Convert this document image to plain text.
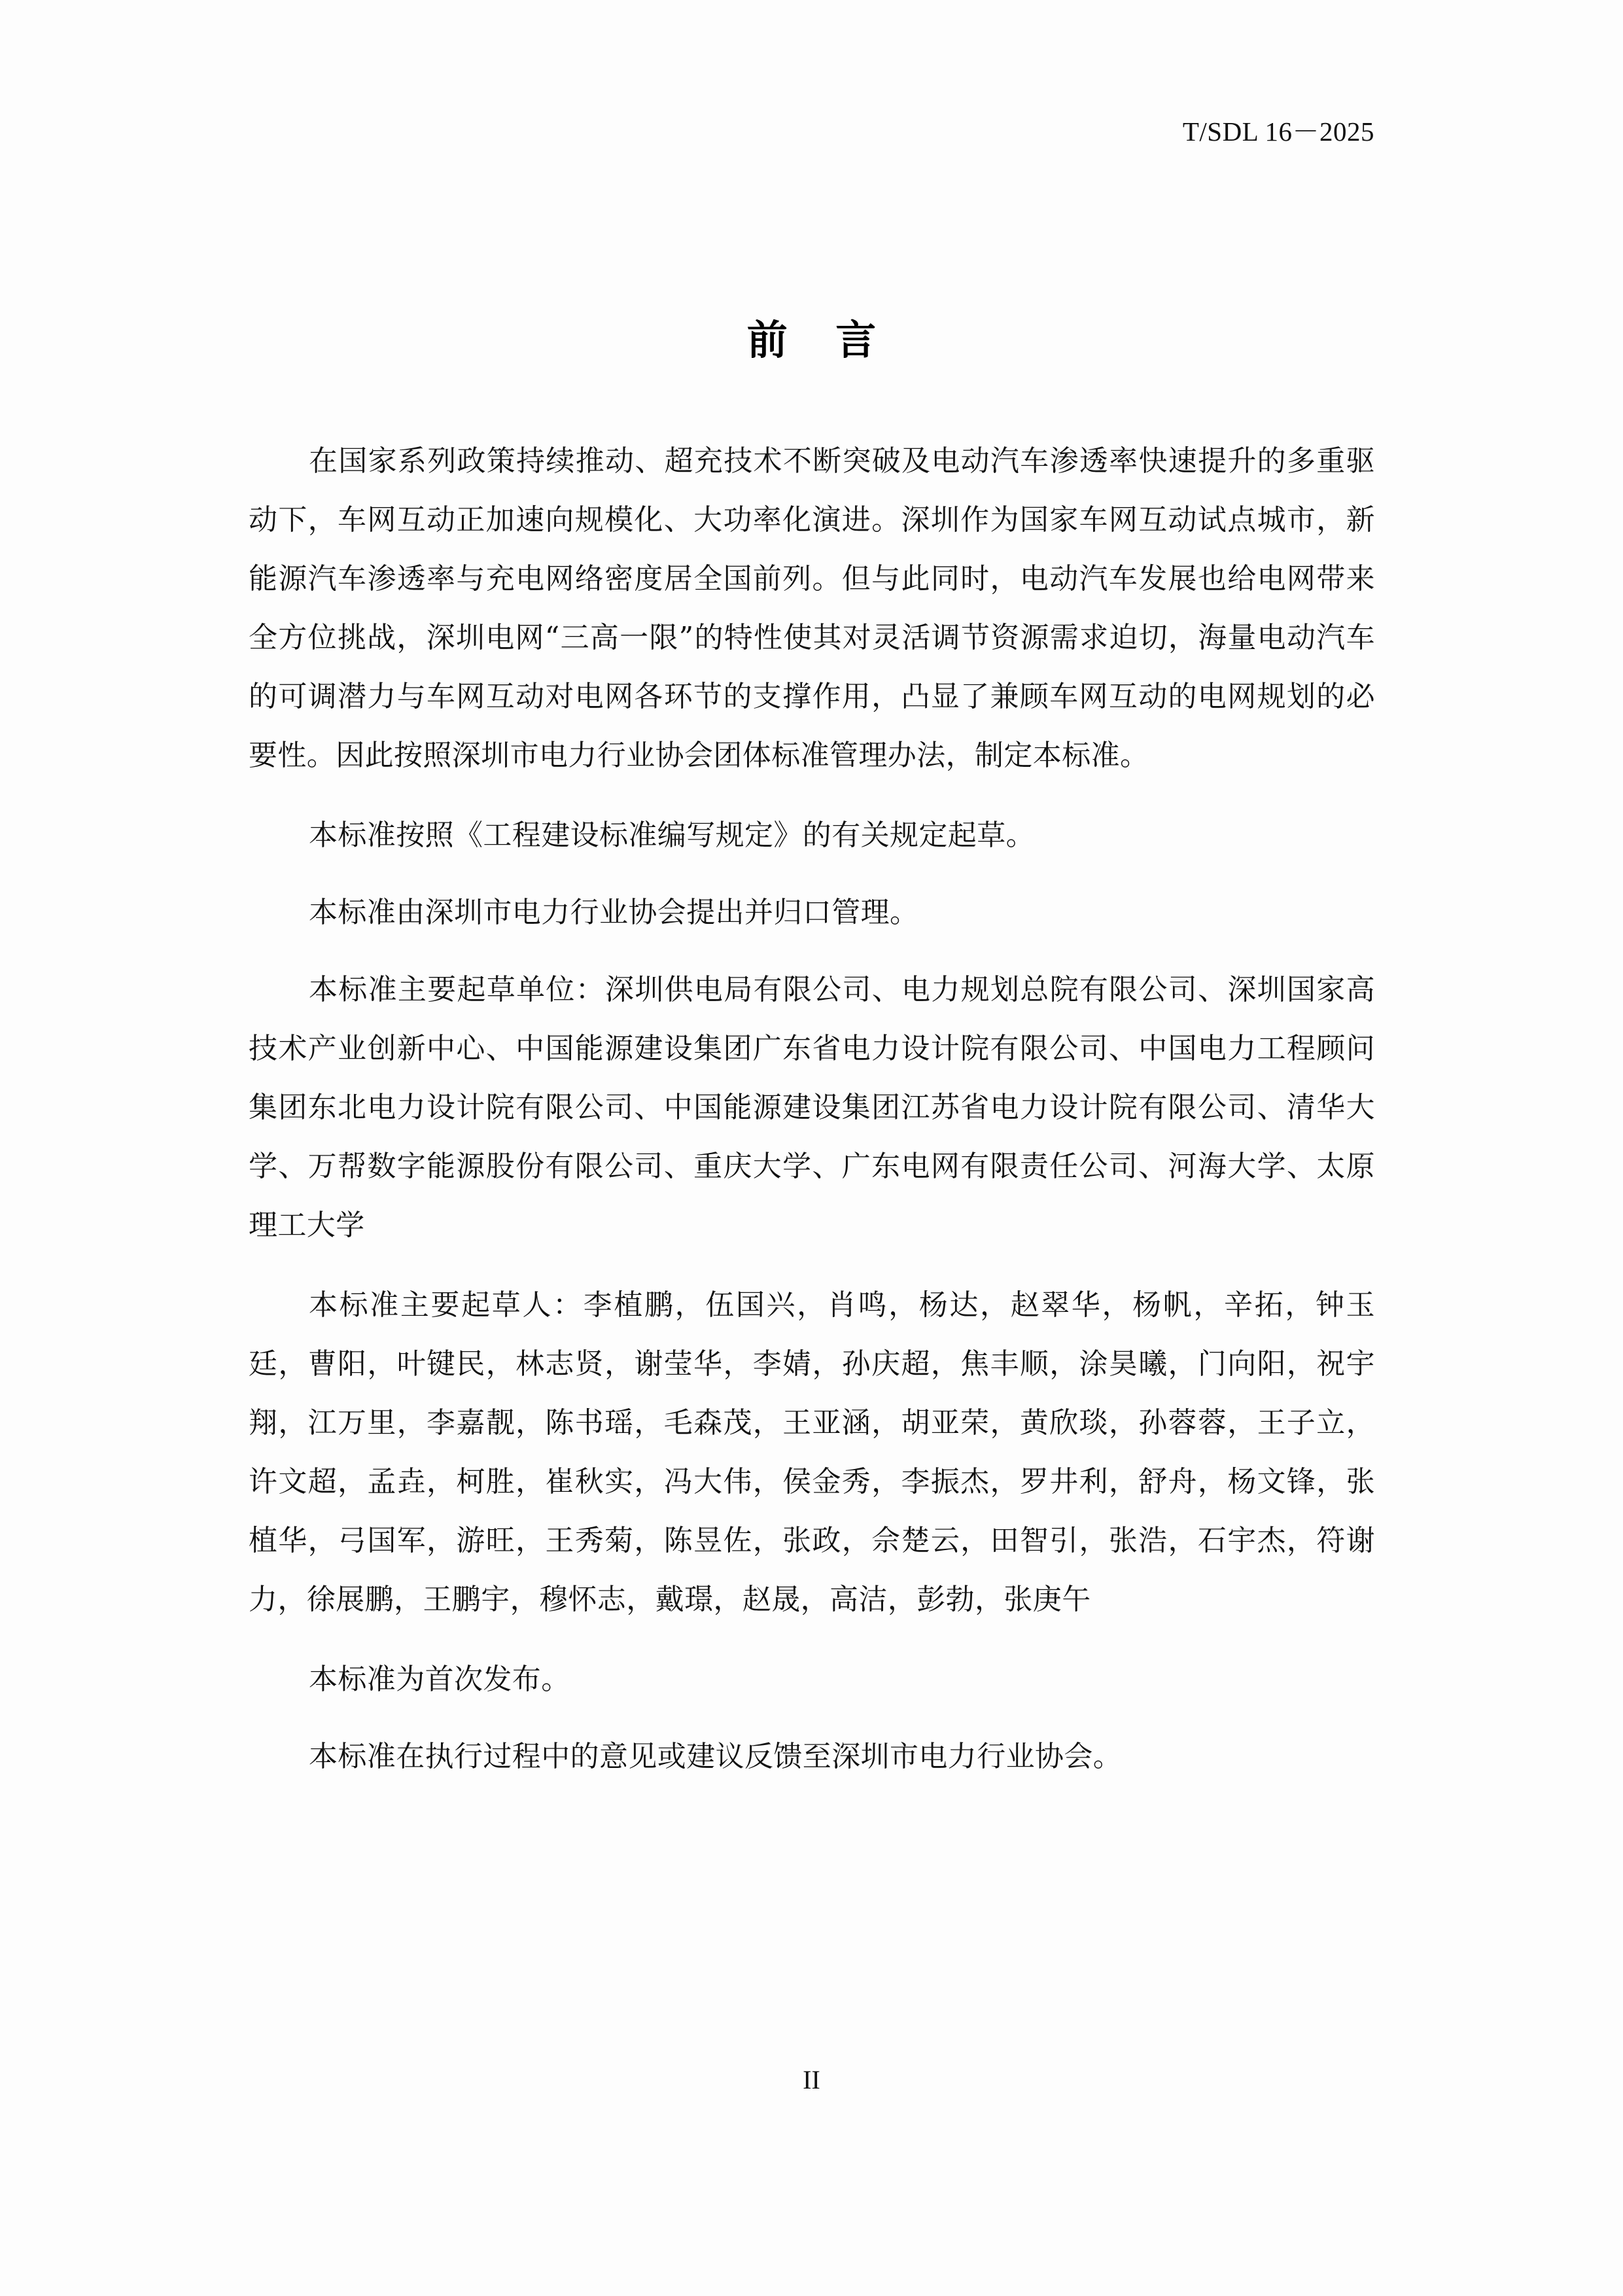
T/SDL 16－2025
前 言

在国家系列政策持续推动、超充技术不断突破及电动汽车渗透率快速提升的多重驱动下，车网互动正加速向规模化、大功率化演进。深圳作为国家车网互动试点城市，新能源汽车渗透率与充电网络密度居全国前列。但与此同时，电动汽车发展也给电网带来全方位挑战，深圳电网“三高一限”的特性使其对灵活调节资源需求迫切，海量电动汽车的可调潜力与车网互动对电网各环节的支撑作用，凸显了兼顾车网互动的电网规划的必要性。因此按照深圳市电力行业协会团体标准管理办法，制定本标准。

本标准按照《工程建设标准编写规定》的有关规定起草。

本标准由深圳市电力行业协会提出并归口管理。

本标准主要起草单位：深圳供电局有限公司、电力规划总院有限公司、深圳国家高技术产业创新中心、中国能源建设集团广东省电力设计院有限公司、中国电力工程顾问集团东北电力设计院有限公司、中国能源建设集团江苏省电力设计院有限公司、清华大学、万帮数字能源股份有限公司、重庆大学、广东电网有限责任公司、河海大学、太原理工大学

本标准主要起草人：李植鹏，伍国兴，肖鸣，杨达，赵翠华，杨帆，辛拓，钟玉廷，曹阳，叶键民，林志贤，谢莹华，李婧，孙庆超，焦丰顺，涂昊曦，门向阳，祝宇翔，江万里，李嘉靓，陈书瑶，毛森茂，王亚涵，胡亚荣，黄欣琰，孙蓉蓉，王子立，许文超，孟垚，柯胜，崔秋实，冯大伟，侯金秀，李振杰，罗井利，舒舟，杨文锋，张植华，弓国军，游旺，王秀菊，陈昱佐，张政，佘楚云，田智引，张浩，石宇杰，符谢力，徐展鹏，王鹏宇，穆怀志，戴璟，赵晟，高洁，彭勃，张庚午

本标准为首次发布。

本标准在执行过程中的意见或建议反馈至深圳市电力行业协会。

II
